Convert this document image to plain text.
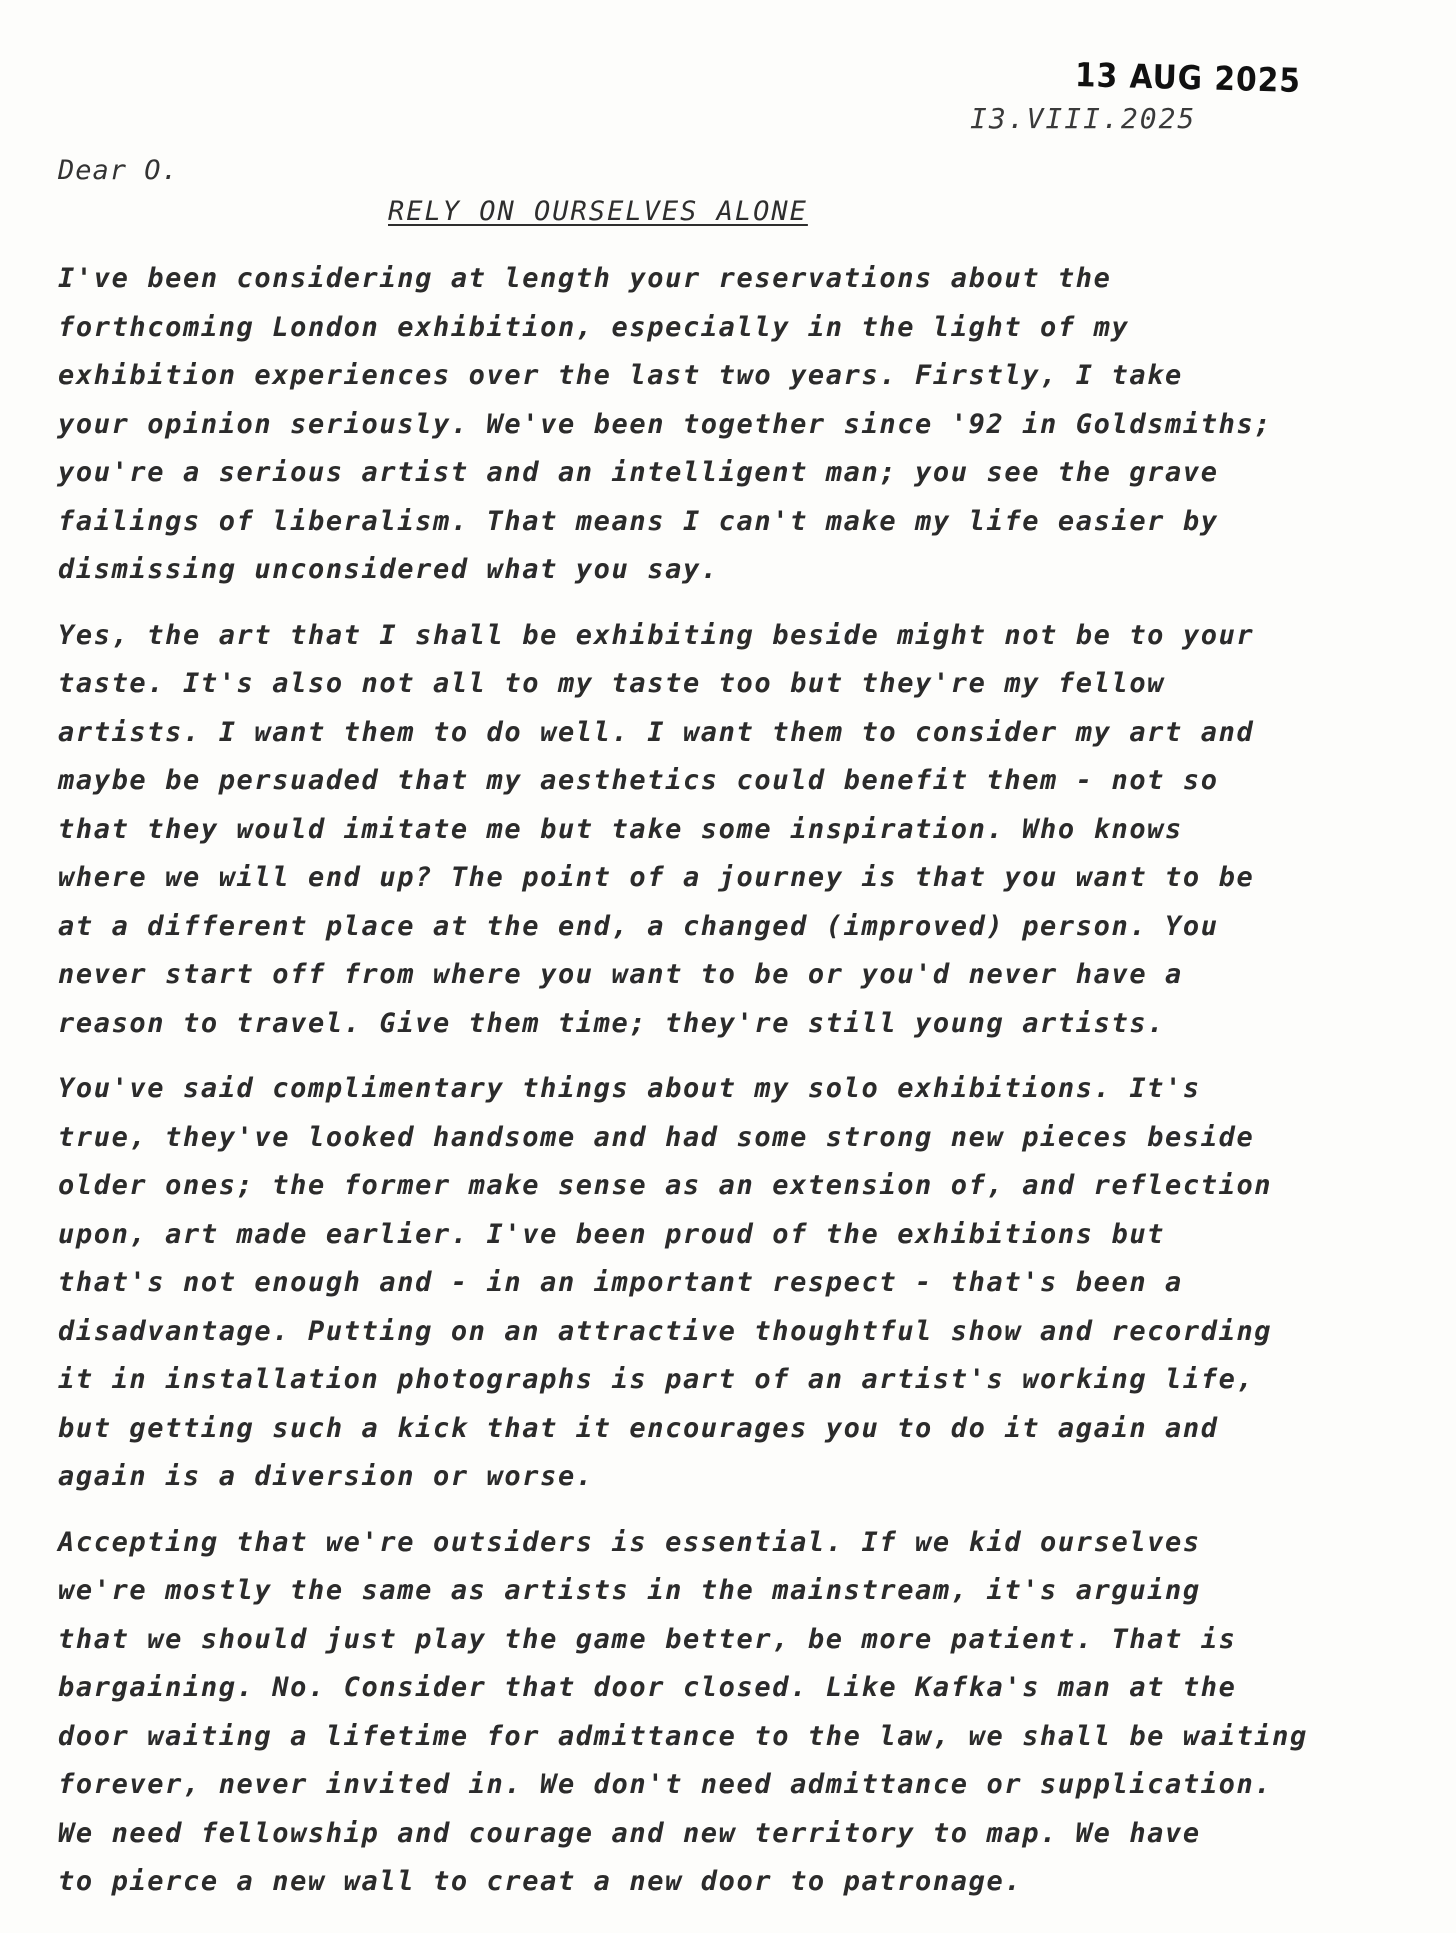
13 AUG 2025
I3.VIII.2025
Dear O.
RELY ON OURSELVES ALONE
I've been considering at length your reservations about the
forthcoming London exhibition, especially in the light of my
exhibition experiences over the last two years. Firstly, I take
your opinion seriously. We've been together since '92 in Goldsmiths;
you're a serious artist and an intelligent man; you see the grave
failings of liberalism. That means I can't make my life easier by
dismissing unconsidered what you say.
Yes, the art that I shall be exhibiting beside might not be to your
taste. It's also not all to my taste too but they're my fellow
artists. I want them to do well. I want them to consider my art and
maybe be persuaded that my aesthetics could benefit them - not so
that they would imitate me but take some inspiration. Who knows
where we will end up? The point of a journey is that you want to be
at a different place at the end, a changed (improved) person. You
never start off from where you want to be or you'd never have a
reason to travel. Give them time; they're still young artists.
You've said complimentary things about my solo exhibitions. It's
true, they've looked handsome and had some strong new pieces beside
older ones; the former make sense as an extension of, and reflection
upon, art made earlier. I've been proud of the exhibitions but
that's not enough and - in an important respect - that's been a
disadvantage. Putting on an attractive thoughtful show and recording
it in installation photographs is part of an artist's working life,
but getting such a kick that it encourages you to do it again and
again is a diversion or worse.
Accepting that we're outsiders is essential. If we kid ourselves
we're mostly the same as artists in the mainstream, it's arguing
that we should just play the game better, be more patient. That is
bargaining. No. Consider that door closed. Like Kafka's man at the
door waiting a lifetime for admittance to the law, we shall be waiting
forever, never invited in. We don't need admittance or supplication.
We need fellowship and courage and new territory to map. We have
to pierce a new wall to creat a new door to patronage.
